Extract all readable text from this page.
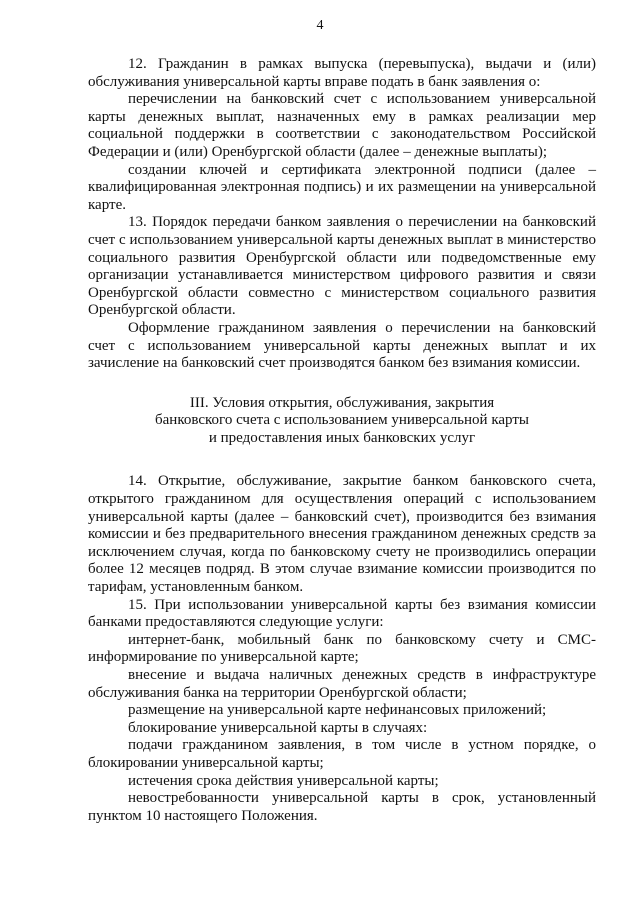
4

12. Гражданин в рамках выпуска (перевыпуска), выдачи и (или) обслуживания универсальной карты вправе подать в банк заявления о:

перечислении на банковский счет с использованием универсальной карты денежных выплат, назначенных ему в рамках реализации мер социальной поддержки в соответствии с законодательством Российской Федерации и (или) Оренбургской области (далее – денежные выплаты);

создании ключей и сертификата электронной подписи (далее – квалифицированная электронная подпись) и их размещении на универсальной карте.

13. Порядок передачи банком заявления о перечислении на банковский счет с использованием универсальной карты денежных выплат в министерство социального развития Оренбургской области или подведомственные ему организации устанавливается министерством цифрового развития и связи Оренбургской области совместно с министерством социального развития Оренбургской области.

Оформление гражданином заявления о перечислении на банковский счет с использованием универсальной карты денежных выплат и их зачисление на банковский счет производятся банком без взимания комиссии.

III. Условия открытия, обслуживания, закрытия

банковского счета с использованием универсальной карты

и предоставления иных банковских услуг

14. Открытие, обслуживание, закрытие банком банковского счета, открытого гражданином для осуществления операций с использованием универсальной карты (далее – банковский счет), производится без взимания комиссии и без предварительного внесения гражданином денежных средств за исключением случая, когда по банковскому счету не производились операции более 12 месяцев подряд. В этом случае взимание комиссии производится по тарифам, установленным банком.

15. При использовании универсальной карты без взимания комиссии банками предоставляются следующие услуги:

интернет-банк, мобильный банк по банковскому счету и СМС-информирование по универсальной карте;

внесение и выдача наличных денежных средств в инфраструктуре обслуживания банка на территории Оренбургской области;

размещение на универсальной карте нефинансовых приложений;

блокирование универсальной карты в случаях:

подачи гражданином заявления, в том числе в устном порядке, о блокировании универсальной карты;

истечения срока действия универсальной карты;

невостребованности универсальной карты в срок, установленный пунктом 10 настоящего Положения.
